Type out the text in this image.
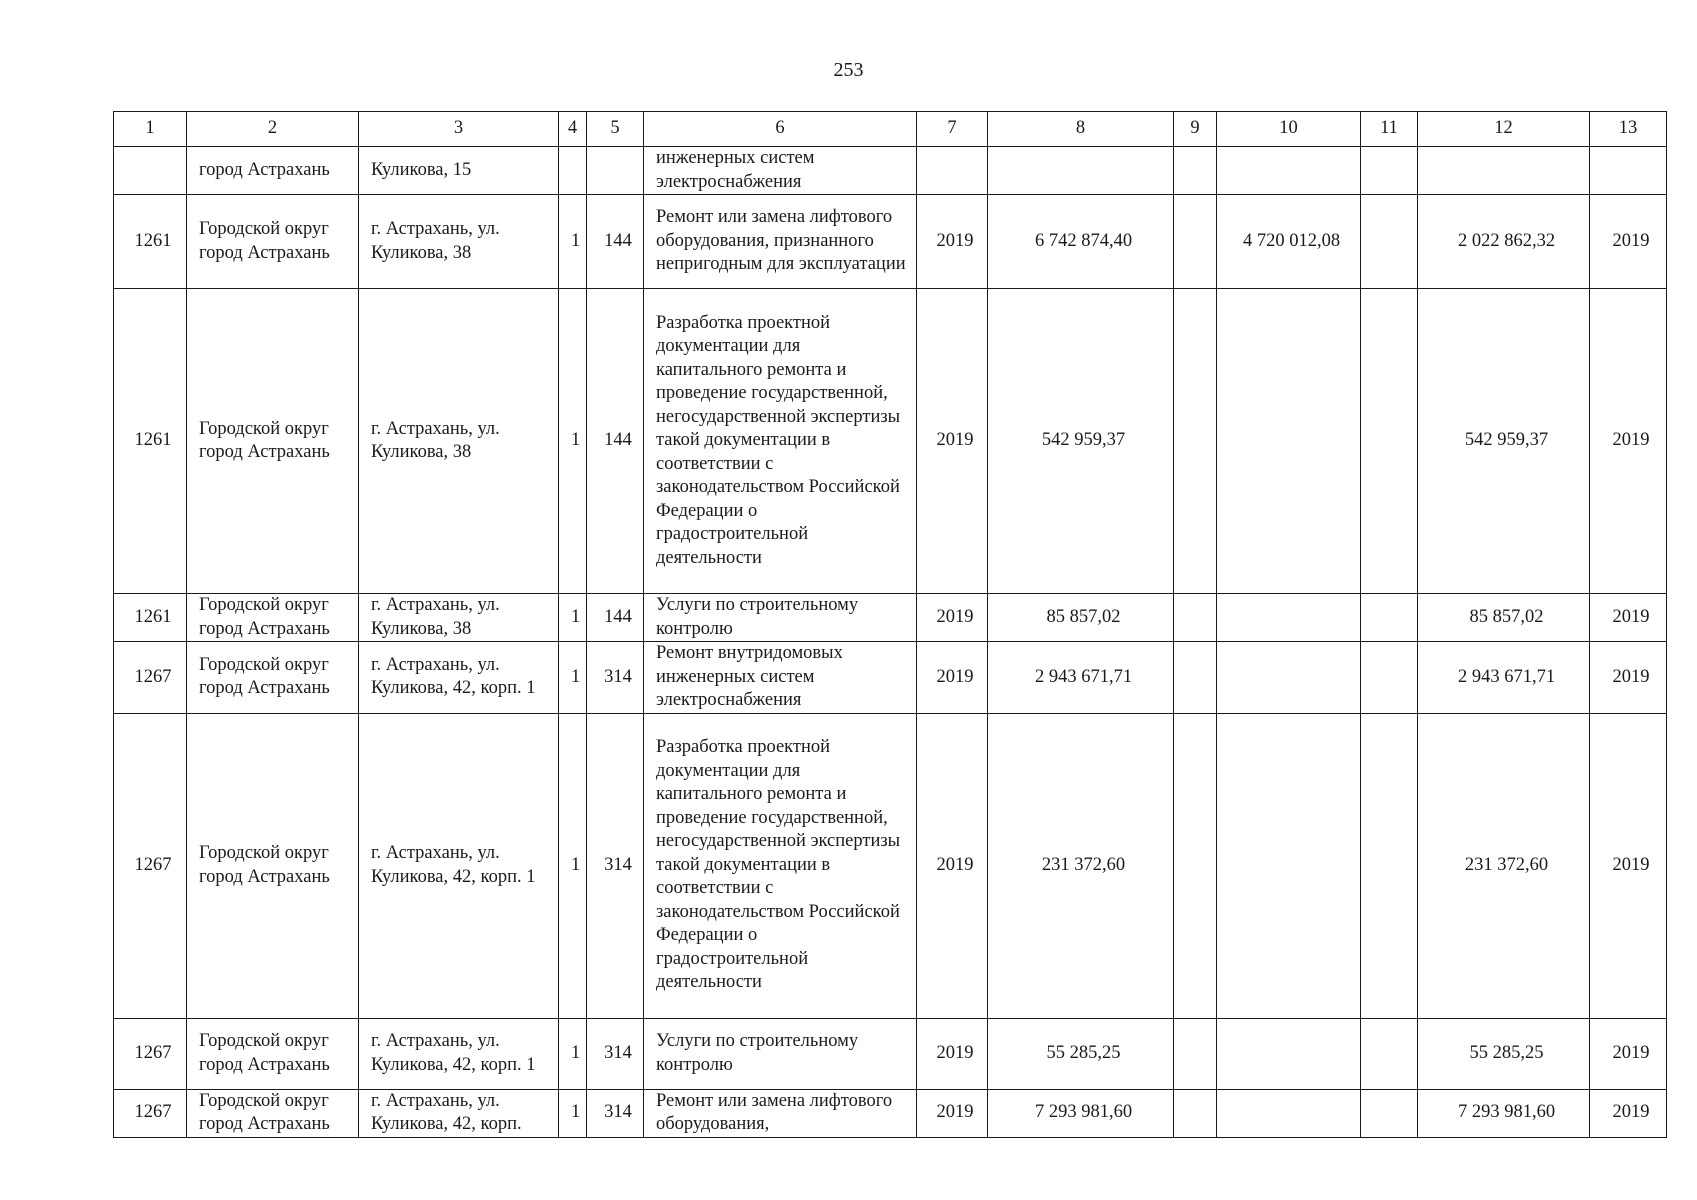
253
1	2	3	4	5	6	7	8	9	10	11	12	13
	город Астрахань	Куликова, 15			инженерных систем электроснабжения							
1261	Городской округ город Астрахань	г. Астрахань, ул. Куликова, 38	1	144	Ремонт или замена лифтового оборудования, признанного непригодным для эксплуатации	2019	6 742 874,40		4 720 012,08		2 022 862,32	2019
1261	Городской округ город Астрахань	г. Астрахань, ул. Куликова, 38	1	144	Разработка проектной документации для капитального ремонта и проведение государственной, негосударственной экспертизы такой документации в соответствии с законодательством Российской Федерации о градостроительной деятельности	2019	542 959,37				542 959,37	2019
1261	Городской округ город Астрахань	г. Астрахань, ул. Куликова, 38	1	144	Услуги по строительному контролю	2019	85 857,02				85 857,02	2019
1267	Городской округ город Астрахань	г. Астрахань, ул. Куликова, 42, корп. 1	1	314	Ремонт внутридомовых инженерных систем электроснабжения	2019	2 943 671,71				2 943 671,71	2019
1267	Городской округ город Астрахань	г. Астрахань, ул. Куликова, 42, корп. 1	1	314	Разработка проектной документации для капитального ремонта и проведение государственной, негосударственной экспертизы такой документации в соответствии с законодательством Российской Федерации о градостроительной деятельности	2019	231 372,60				231 372,60	2019
1267	Городской округ город Астрахань	г. Астрахань, ул. Куликова, 42, корп. 1	1	314	Услуги по строительному контролю	2019	55 285,25				55 285,25	2019
1267	Городской округ город Астрахань	г. Астрахань, ул. Куликова, 42, корп.	1	314	Ремонт или замена лифтового оборудования,	2019	7 293 981,60				7 293 981,60	2019
